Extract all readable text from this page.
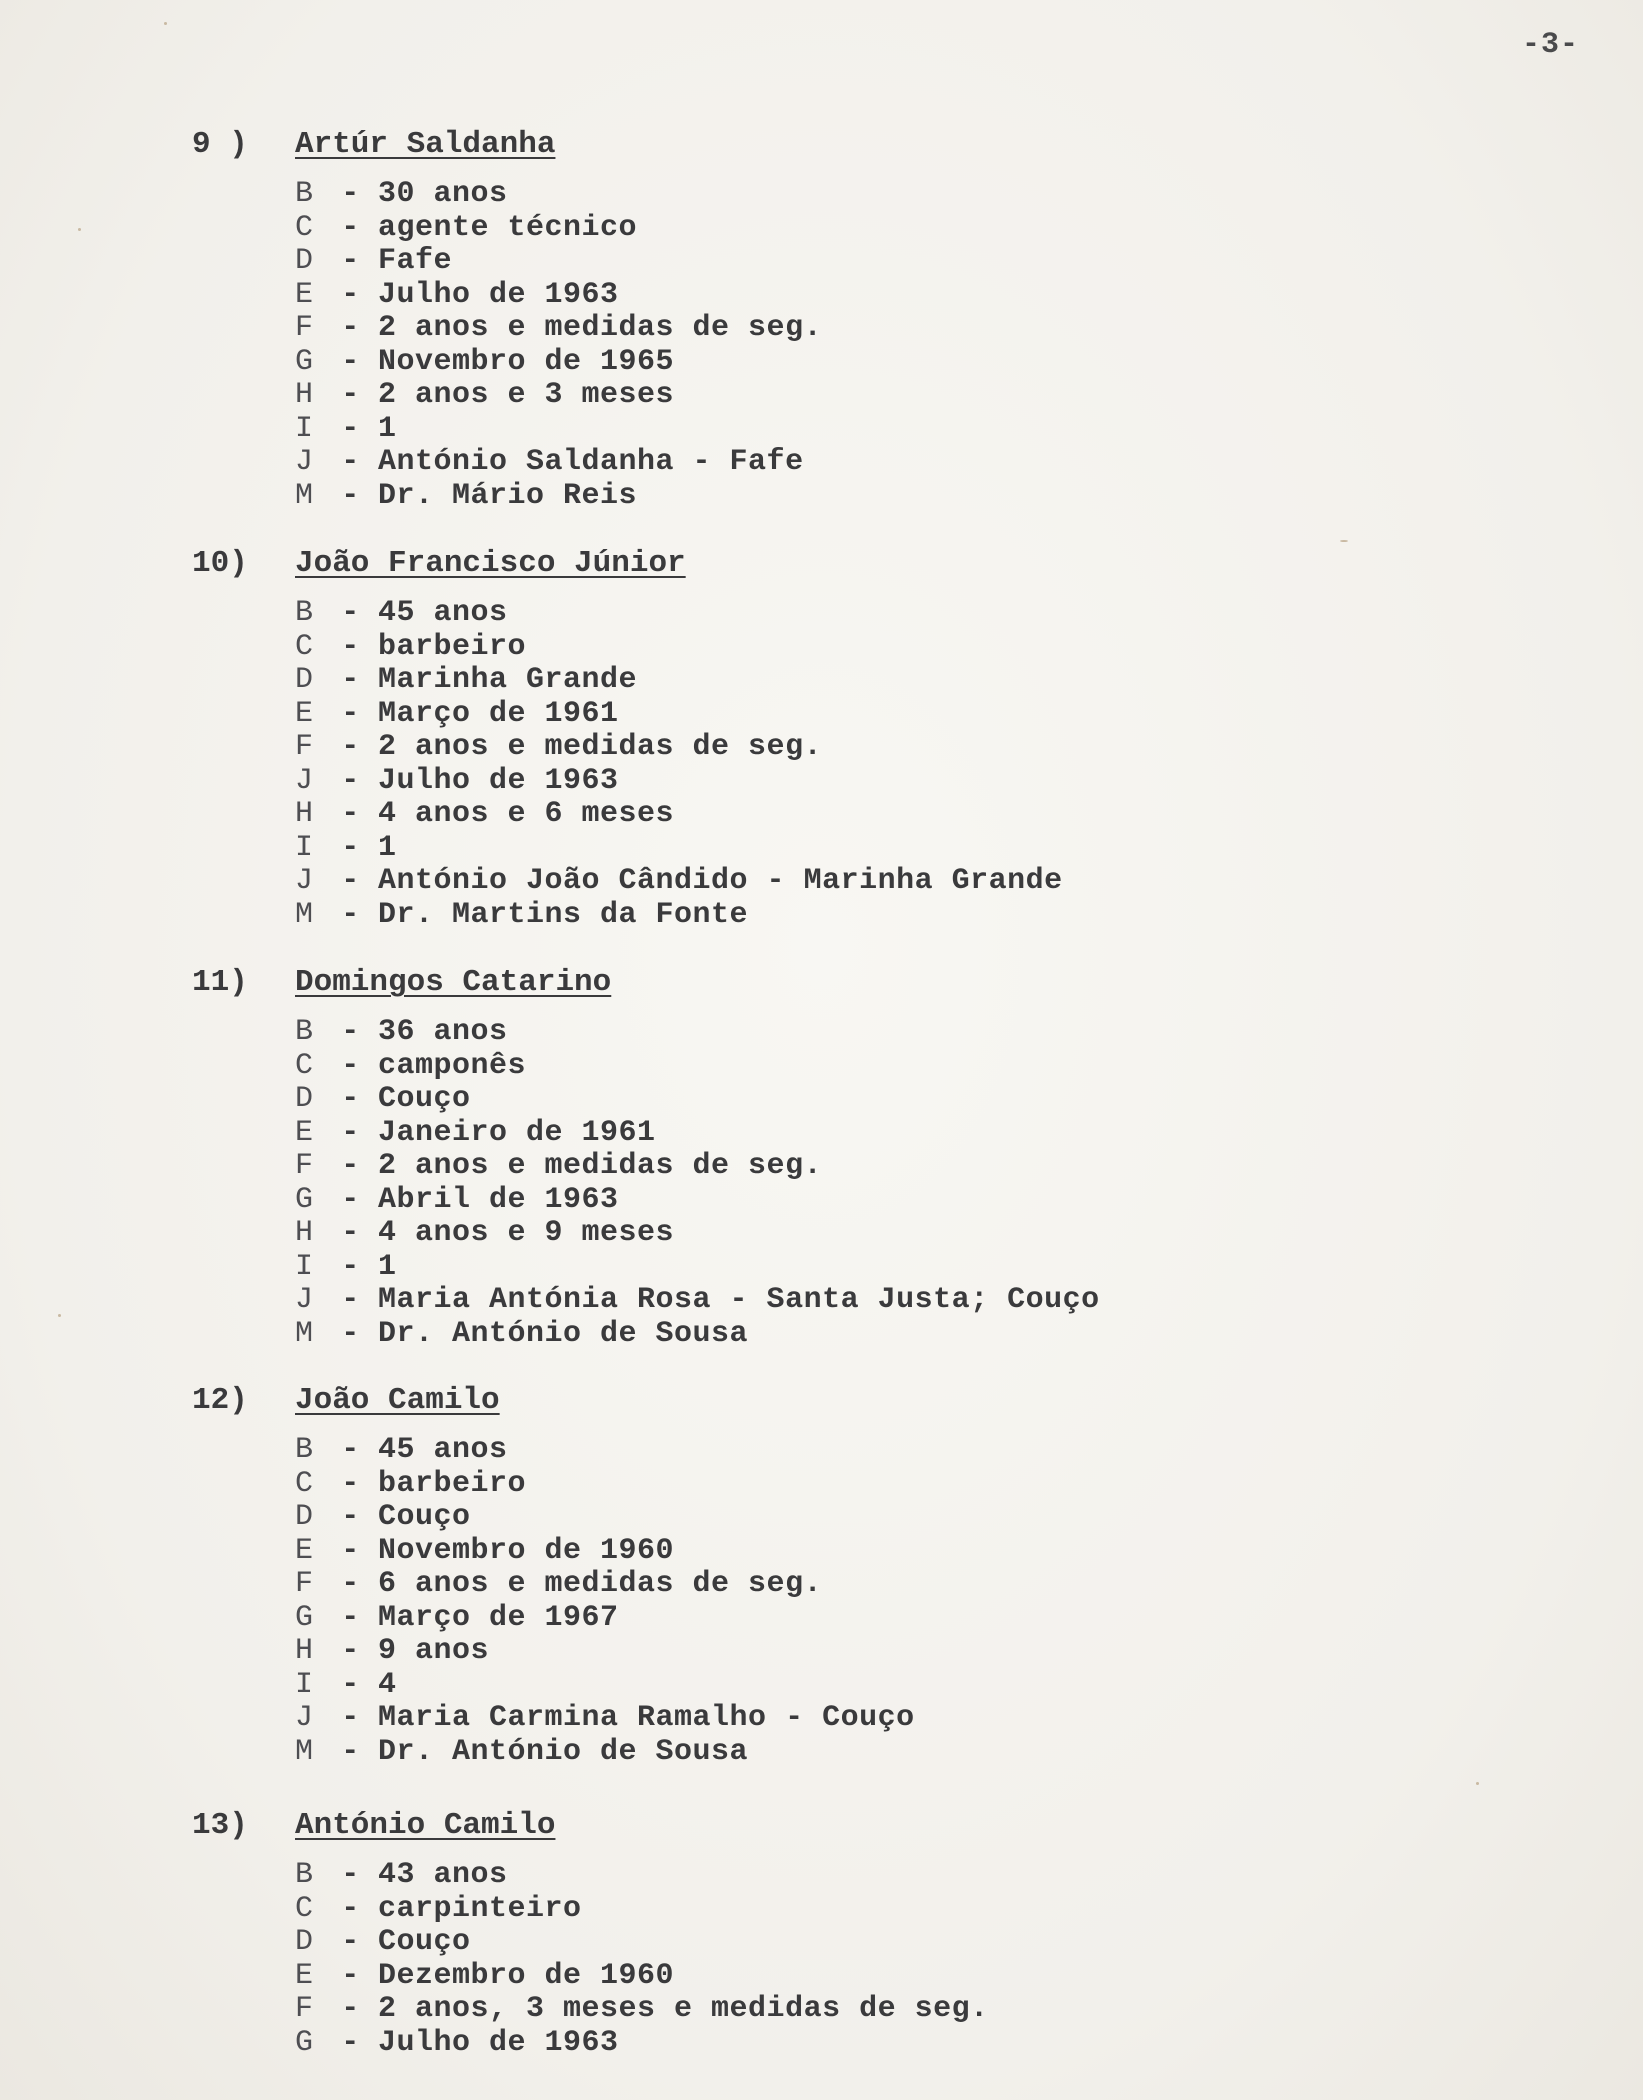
-3-
9 ) Artúr Saldanha
B - 30 anos
C - agente técnico
D - Fafe
E - Julho de 1963
F - 2 anos e medidas de seg.
G - Novembro de 1965
H - 2 anos e 3 meses
I - 1
J - António Saldanha - Fafe
M - Dr. Mário Reis
10) João Francisco Júnior
B - 45 anos
C - barbeiro
D - Marinha Grande
E - Março de 1961
F - 2 anos e medidas de seg.
J - Julho de 1963
H - 4 anos e 6 meses
I - 1
J - António João Cândido - Marinha Grande
M - Dr. Martins da Fonte
11) Domingos Catarino
B - 36 anos
C - camponês
D - Couço
E - Janeiro de 1961
F - 2 anos e medidas de seg.
G - Abril de 1963
H - 4 anos e 9 meses
I - 1
J - Maria Antónia Rosa - Santa Justa; Couço
M - Dr. António de Sousa
12) João Camilo
B - 45 anos
C - barbeiro
D - Couço
E - Novembro de 1960
F - 6 anos e medidas de seg.
G - Março de 1967
H - 9 anos
I - 4
J - Maria Carmina Ramalho - Couço
M - Dr. António de Sousa
13) António Camilo
B - 43 anos
C - carpinteiro
D - Couço
E - Dezembro de 1960
F - 2 anos, 3 meses e medidas de seg.
G - Julho de 1963
